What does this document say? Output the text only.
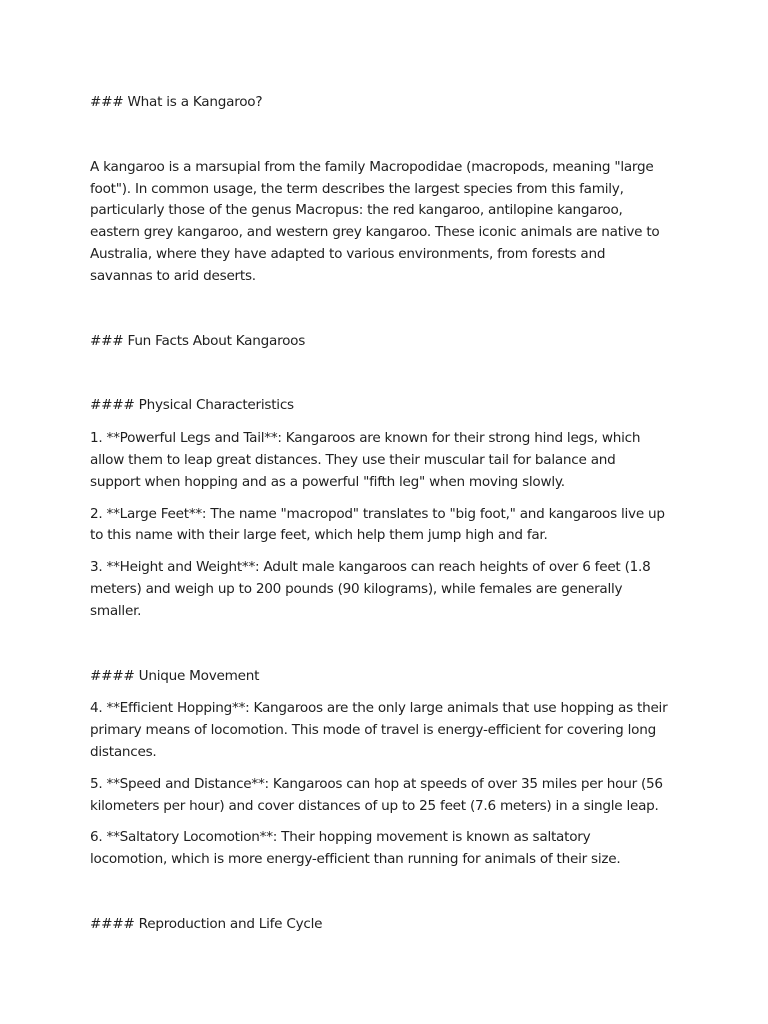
### What is a Kangaroo?

A kangaroo is a marsupial from the family Macropodidae (macropods, meaning "large foot"). In common usage, the term describes the largest species from this family, particularly those of the genus Macropus: the red kangaroo, antilopine kangaroo, eastern grey kangaroo, and western grey kangaroo. These iconic animals are native to Australia, where they have adapted to various environments, from forests and savannas to arid deserts.

### Fun Facts About Kangaroos

#### Physical Characteristics

1. **Powerful Legs and Tail**: Kangaroos are known for their strong hind legs, which allow them to leap great distances. They use their muscular tail for balance and support when hopping and as a powerful "fifth leg" when moving slowly.

2. **Large Feet**: The name "macropod" translates to "big foot," and kangaroos live up to this name with their large feet, which help them jump high and far.

3. **Height and Weight**: Adult male kangaroos can reach heights of over 6 feet (1.8 meters) and weigh up to 200 pounds (90 kilograms), while females are generally smaller.

#### Unique Movement

4. **Efficient Hopping**: Kangaroos are the only large animals that use hopping as their primary means of locomotion. This mode of travel is energy-efficient for covering long distances.

5. **Speed and Distance**: Kangaroos can hop at speeds of over 35 miles per hour (56 kilometers per hour) and cover distances of up to 25 feet (7.6 meters) in a single leap.

6. **Saltatory Locomotion**: Their hopping movement is known as saltatory locomotion, which is more energy-efficient than running for animals of their size.

#### Reproduction and Life Cycle
